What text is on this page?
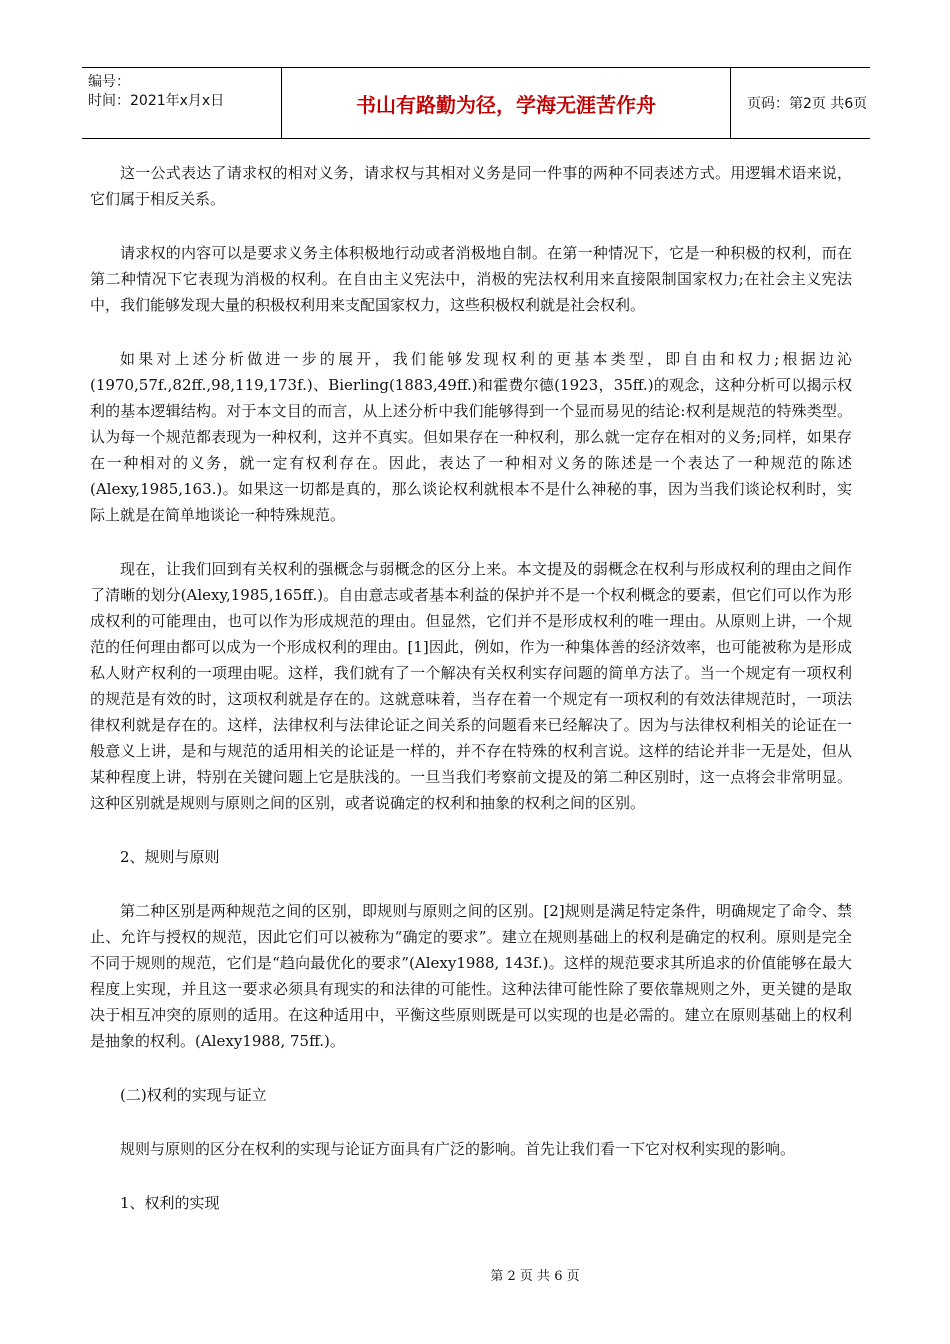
编号：
时间：2021年x月x日	书山有路勤为径，学海无涯苦作舟	页码：第2页 共6页

这一公式表达了请求权的相对义务，请求权与其相对义务是同一件事的两种不同表述方式。用逻辑术语来说，它们属于相反关系。

请求权的内容可以是要求义务主体积极地行动或者消极地自制。在第一种情况下，它是一种积极的权利，而在第二种情况下它表现为消极的权利。在自由主义宪法中，消极的宪法权利用来直接限制国家权力;在社会主义宪法中，我们能够发现大量的积极权利用来支配国家权力，这些积极权利就是社会权利。

如果对上述分析做进一步的展开，我们能够发现权利的更基本类型，即自由和权力;根据边沁(1970,57f.,82ff.,98,119,173f.)、Bierling(1883,49ff.)和霍费尔德(1923，35ff.)的观念，这种分析可以揭示权利的基本逻辑结构。对于本文目的而言，从上述分析中我们能够得到一个显而易见的结论:权利是规范的特殊类型。认为每一个规范都表现为一种权利，这并不真实。但如果存在一种权利，那么就一定存在相对的义务;同样，如果存在一种相对的义务，就一定有权利存在。因此，表达了一种相对义务的陈述是一个表达了一种规范的陈述(Alexy,1985,163.)。如果这一切都是真的，那么谈论权利就根本不是什么神秘的事，因为当我们谈论权利时，实际上就是在简单地谈论一种特殊规范。

现在，让我们回到有关权利的强概念与弱概念的区分上来。本文提及的弱概念在权利与形成权利的理由之间作了清晰的划分(Alexy,1985,165ff.)。自由意志或者基本利益的保护并不是一个权利概念的要素，但它们可以作为形成权利的可能理由，也可以作为形成规范的理由。但显然，它们并不是形成权利的唯一理由。从原则上讲，一个规范的任何理由都可以成为一个形成权利的理由。[1]因此，例如，作为一种集体善的经济效率，也可能被称为是形成私人财产权利的一项理由呢。这样，我们就有了一个解决有关权利实存问题的简单方法了。当一个规定有一项权利的规范是有效的时，这项权利就是存在的。这就意味着，当存在着一个规定有一项权利的有效法律规范时，一项法律权利就是存在的。这样，法律权利与法律论证之间关系的问题看来已经解决了。因为与法律权利相关的论证在一般意义上讲，是和与规范的适用相关的论证是一样的，并不存在特殊的权利言说。这样的结论并非一无是处，但从某种程度上讲，特别在关键问题上它是肤浅的。一旦当我们考察前文提及的第二种区别时，这一点将会非常明显。这种区别就是规则与原则之间的区别，或者说确定的权利和抽象的权利之间的区别。

2、规则与原则

第二种区别是两种规范之间的区别，即规则与原则之间的区别。[2]规则是满足特定条件，明确规定了命令、禁止、允许与授权的规范，因此它们可以被称为“确定的要求”。建立在规则基础上的权利是确定的权利。原则是完全不同于规则的规范，它们是“趋向最优化的要求”(Alexy1988, 143f.)。这样的规范要求其所追求的价值能够在最大程度上实现，并且这一要求必须具有现实的和法律的可能性。这种法律可能性除了要依靠规则之外，更关键的是取决于相互冲突的原则的适用。在这种适用中，平衡这些原则既是可以实现的也是必需的。建立在原则基础上的权利是抽象的权利。(Alexy1988, 75ff.)。

(二)权利的实现与证立

规则与原则的区分在权利的实现与论证方面具有广泛的影响。首先让我们看一下它对权利实现的影响。

1、权利的实现

第 2 页 共 6 页
